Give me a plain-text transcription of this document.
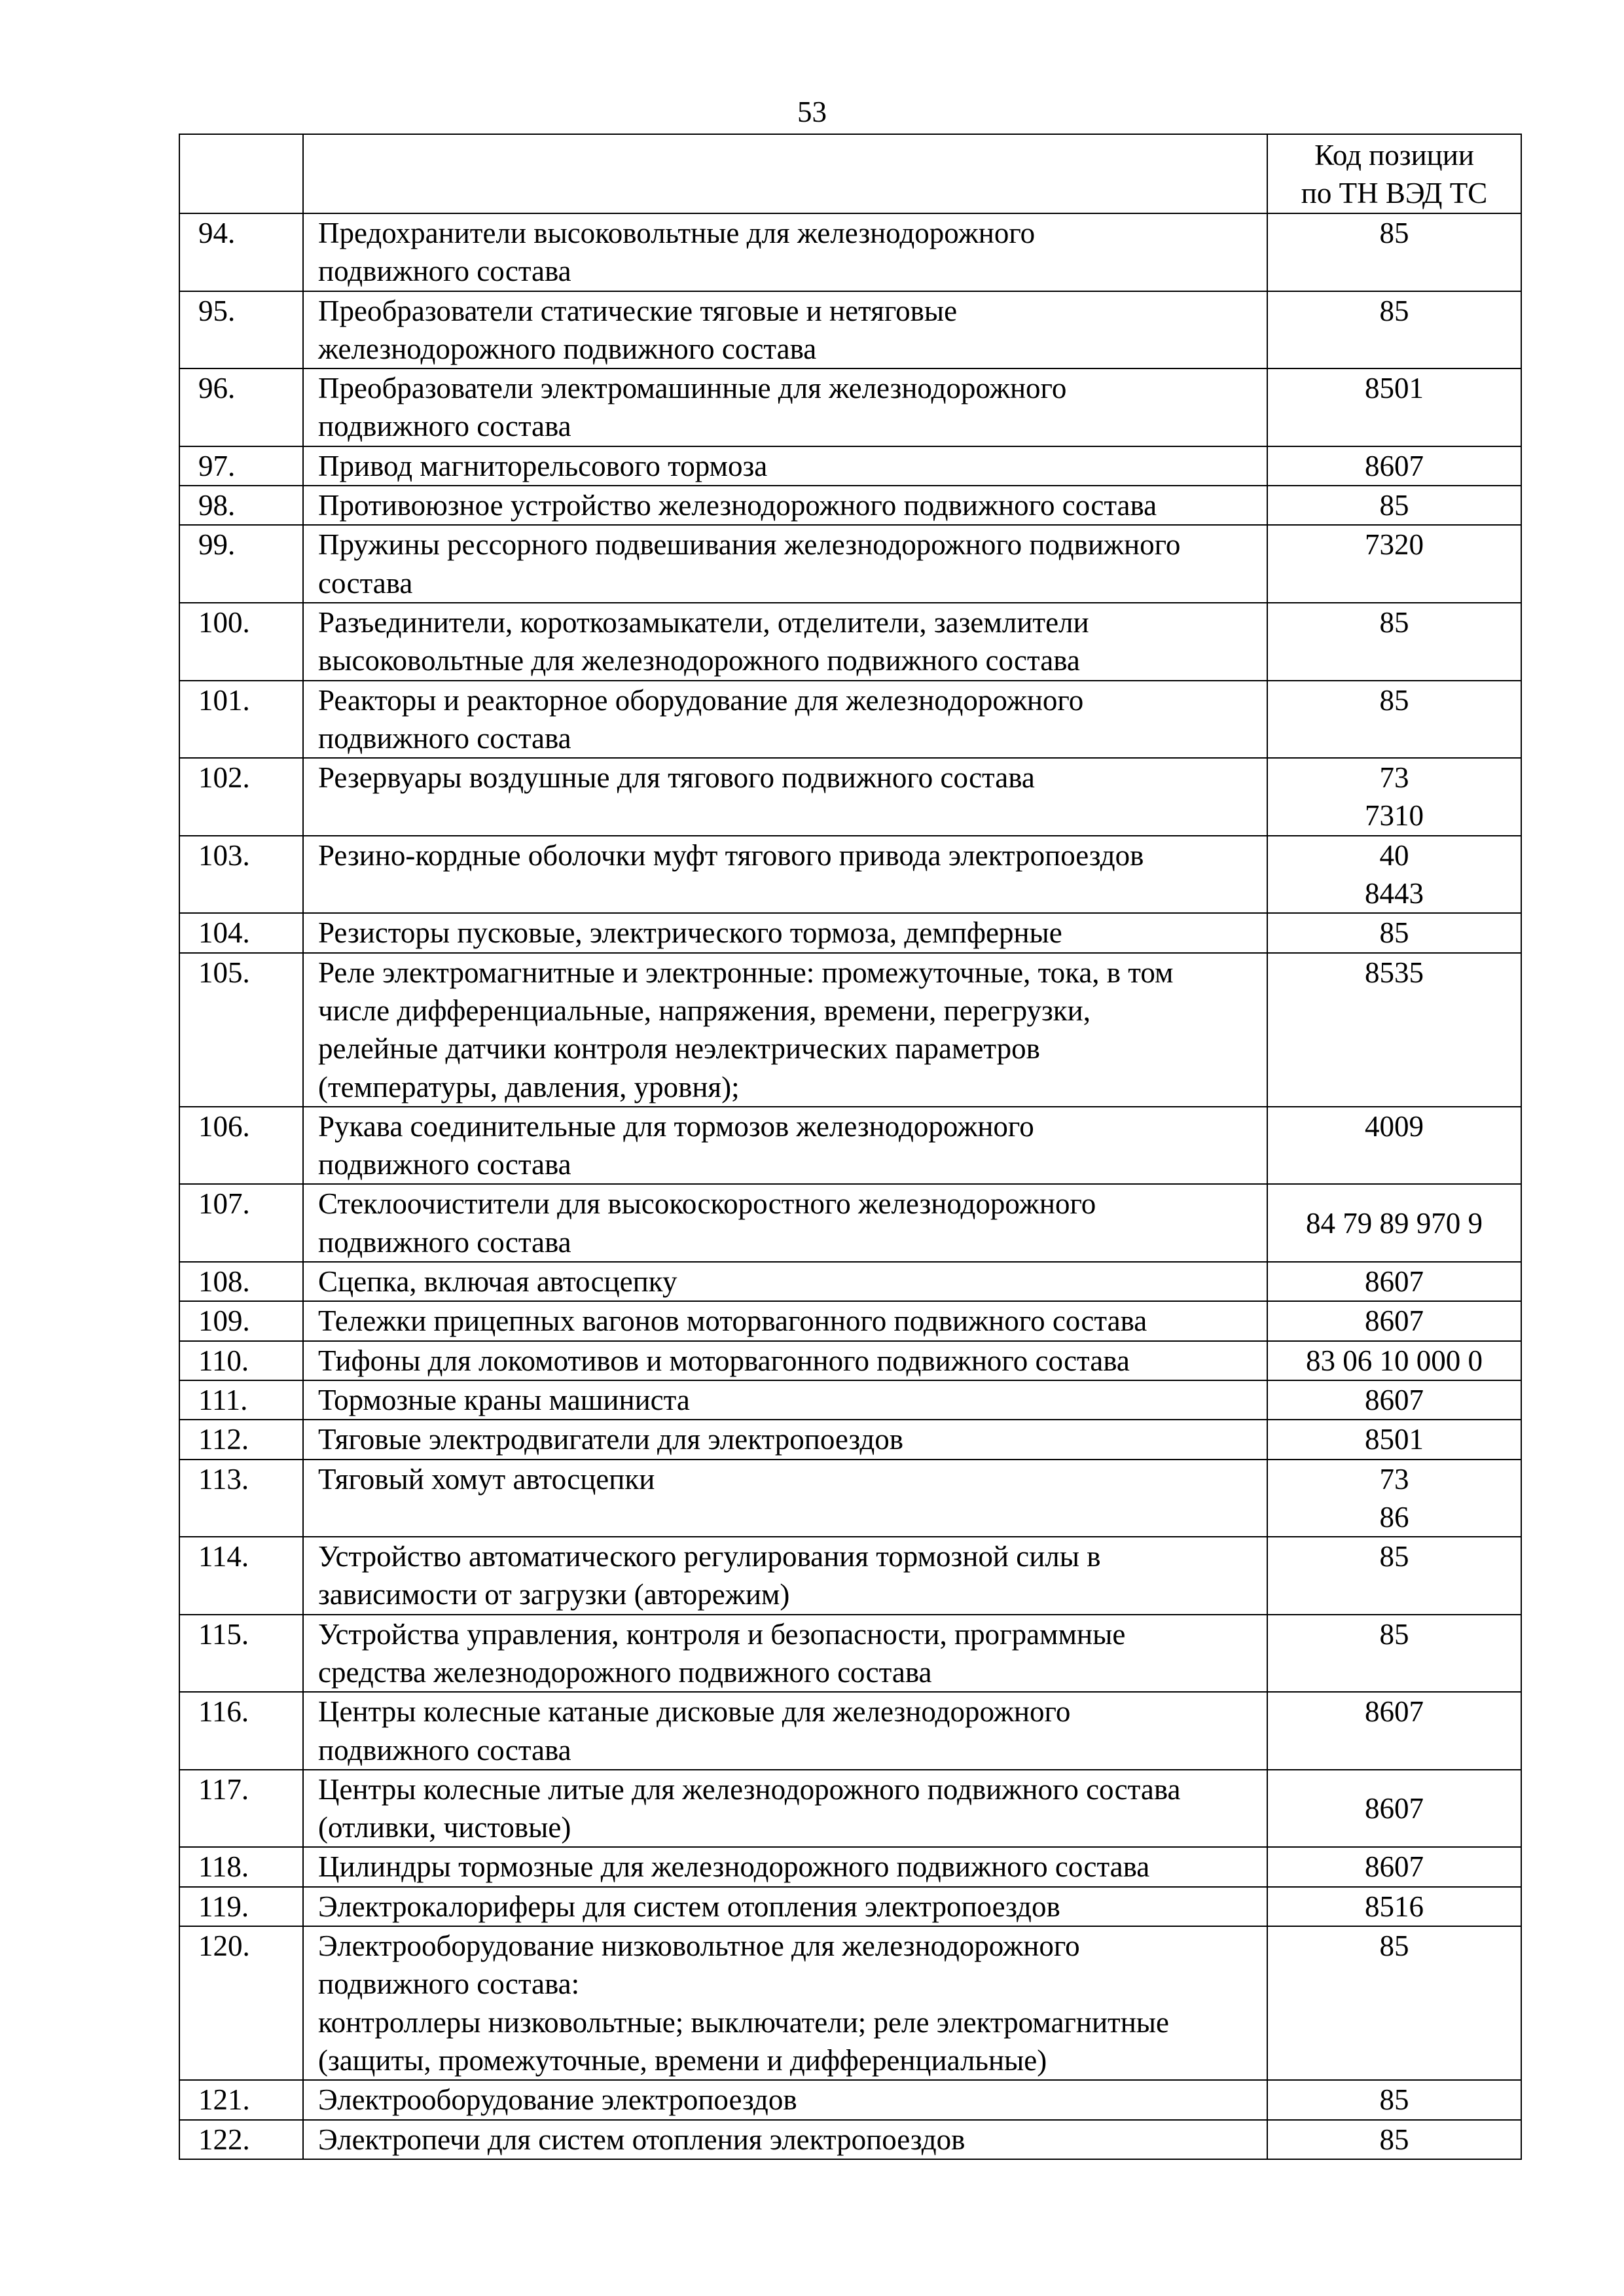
53
		Код позиции
по ТН ВЭД ТС
94.	Предохранители высоковольтные для железнодорожного
подвижного состава	85
95.	Преобразователи статические тяговые и нетяговые
железнодорожного подвижного состава	85
96.	Преобразователи электромашинные для железнодорожного
подвижного состава	8501
97.	Привод магниторельсового тормоза	8607
98.	Противоюзное устройство железнодорожного подвижного состава	85
99.	Пружины рессорного подвешивания железнодорожного подвижного
состава	7320
100.	Разъединители, короткозамыкатели, отделители, заземлители
высоковольтные для железнодорожного подвижного состава	85
101.	Реакторы и реакторное оборудование для железнодорожного
подвижного состава	85
102.	Резервуары воздушные для тягового подвижного состава	73
7310
103.	Резино-кордные оболочки муфт тягового привода электропоездов	40
8443
104.	Резисторы пусковые, электрического тормоза, демпферные	85
105.	Реле электромагнитные и электронные: промежуточные, тока, в том
числе дифференциальные, напряжения, времени, перегрузки,
релейные датчики контроля неэлектрических параметров
(температуры, давления, уровня);	8535
106.	Рукава соединительные для тормозов железнодорожного
подвижного состава	4009
107.	Стеклоочистители для высокоскоростного железнодорожного
подвижного состава	84 79 89 970 9
108.	Сцепка, включая автосцепку	8607
109.	Тележки прицепных вагонов моторвагонного подвижного состава	8607
110.	Тифоны для локомотивов и моторвагонного подвижного состава	83 06 10 000 0
111.	Тормозные краны машиниста	8607
112.	Тяговые электродвигатели для электропоездов	8501
113.	Тяговый хомут автосцепки	73
86
114.	Устройство автоматического регулирования тормозной силы в
зависимости от загрузки (авторежим)	85
115.	Устройства управления, контроля и безопасности, программные
средства железнодорожного подвижного состава	85
116.	Центры колесные катаные дисковые для железнодорожного
подвижного состава	8607
117.	Центры колесные литые для железнодорожного подвижного состава
(отливки, чистовые)	8607
118.	Цилиндры тормозные для железнодорожного подвижного состава	8607
119.	Электрокалориферы для систем отопления электропоездов	8516
120.	Электрооборудование низковольтное для железнодорожного
подвижного состава:
контроллеры низковольтные; выключатели; реле электромагнитные
(защиты, промежуточные, времени и дифференциальные)	85
121.	Электрооборудование электропоездов	85
122.	Электропечи для систем отопления электропоездов	85
